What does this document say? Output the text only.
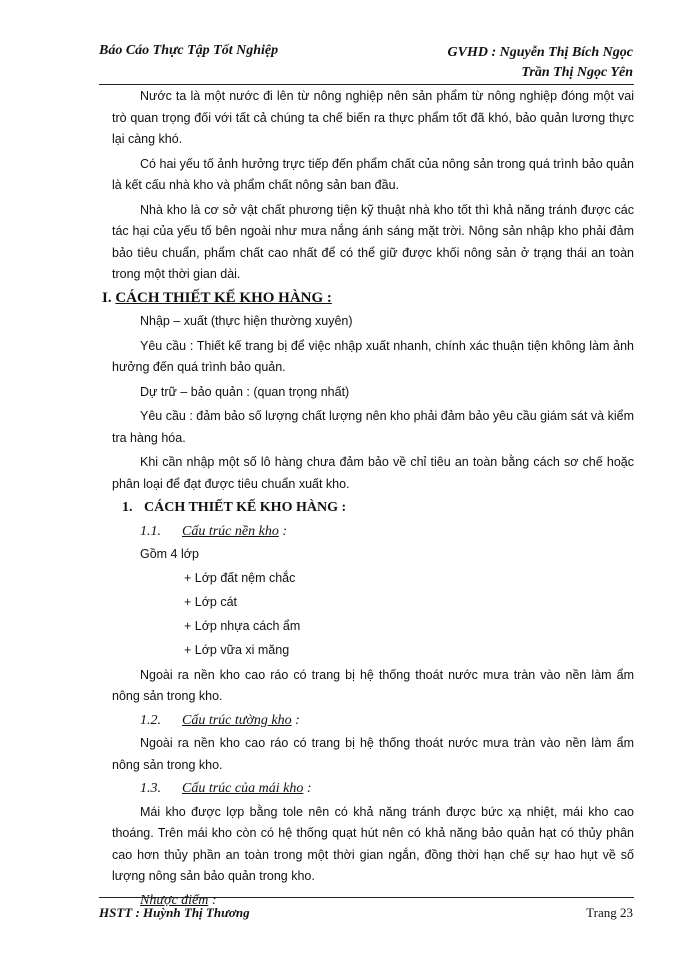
Báo Cáo Thực Tập Tốt Nghiệp	GVHD : Nguyễn Thị Bích Ngọc
Trần Thị Ngọc Yên

Nước ta là một nước đi lên từ nông nghiệp nên sản phẩm từ nông nghiệp đóng một vai trò quan trọng đối với tất cả chúng ta chế biến ra thực phẩm tốt đã khó, bảo quản lương thực lại càng khó.

Có hai yếu tố ảnh hưởng trực tiếp đến phẩm chất của nông sản trong quá trình bảo quản là kết cấu nhà kho và phẩm chất nông sản ban đầu.

Nhà kho là cơ sở vật chất phương tiện kỹ thuật nhà kho tốt thì khả năng tránh được các tác hại của yếu tố bên ngoài như mưa nắng ánh sáng mặt trời. Nông sản nhập kho phải đảm bảo tiêu chuẩn, phẩm chất cao nhất để có thể giữ được khối nông sản ở trạng thái an toàn trong một thời gian dài.

I. CÁCH THIẾT KẾ KHO HÀNG :

Nhập – xuất (thực hiện thường xuyên)

Yêu cầu : Thiết kế trang bị để việc nhập xuất nhanh, chính xác thuận tiện không làm ảnh hưởng đến quá trình bảo quản.

Dự trữ – bảo quản : (quan trọng nhất)

Yêu cầu : đảm bảo số lượng chất lượng nên kho phải đảm bảo yêu cầu giám sát và kiểm tra hàng hóa.

Khi cần nhập một số lô hàng chưa đảm bảo về chỉ tiêu an toàn bằng cách sơ chế hoặc phân loại để đạt được tiêu chuẩn xuất kho.

1. CÁCH THIẾT KẾ KHO HÀNG :
1.1. Cấu trúc nền kho :

Gồm 4 lớp

+ Lớp đất nệm chắc
+ Lớp cát
+ Lớp nhựa cách ẩm
+ Lớp vữa xi măng

Ngoài ra nền kho cao ráo có trang bị hệ thống thoát nước mưa tràn vào nền làm ẩm nông sản trong kho.

1.2. Cấu trúc tường kho :

Ngoài ra nền kho cao ráo có trang bị hệ thống thoát nước mưa tràn vào nền làm ẩm nông sản trong kho.

1.3. Cấu trúc của mái kho :

Mái kho được lợp bằng tole nên có khả năng tránh được bức xạ nhiệt, mái kho cao thoáng. Trên mái kho còn có hệ thống quạt hút nên có khả năng bảo quản hạt có thủy phân cao hơn thủy phần an toàn trong một thời gian ngắn, đồng thời hạn chế sự hao hụt về số lượng nông sản bảo quản trong kho.

Nhược điểm :
HSTT : Huỳnh Thị Thương	Trang 23
